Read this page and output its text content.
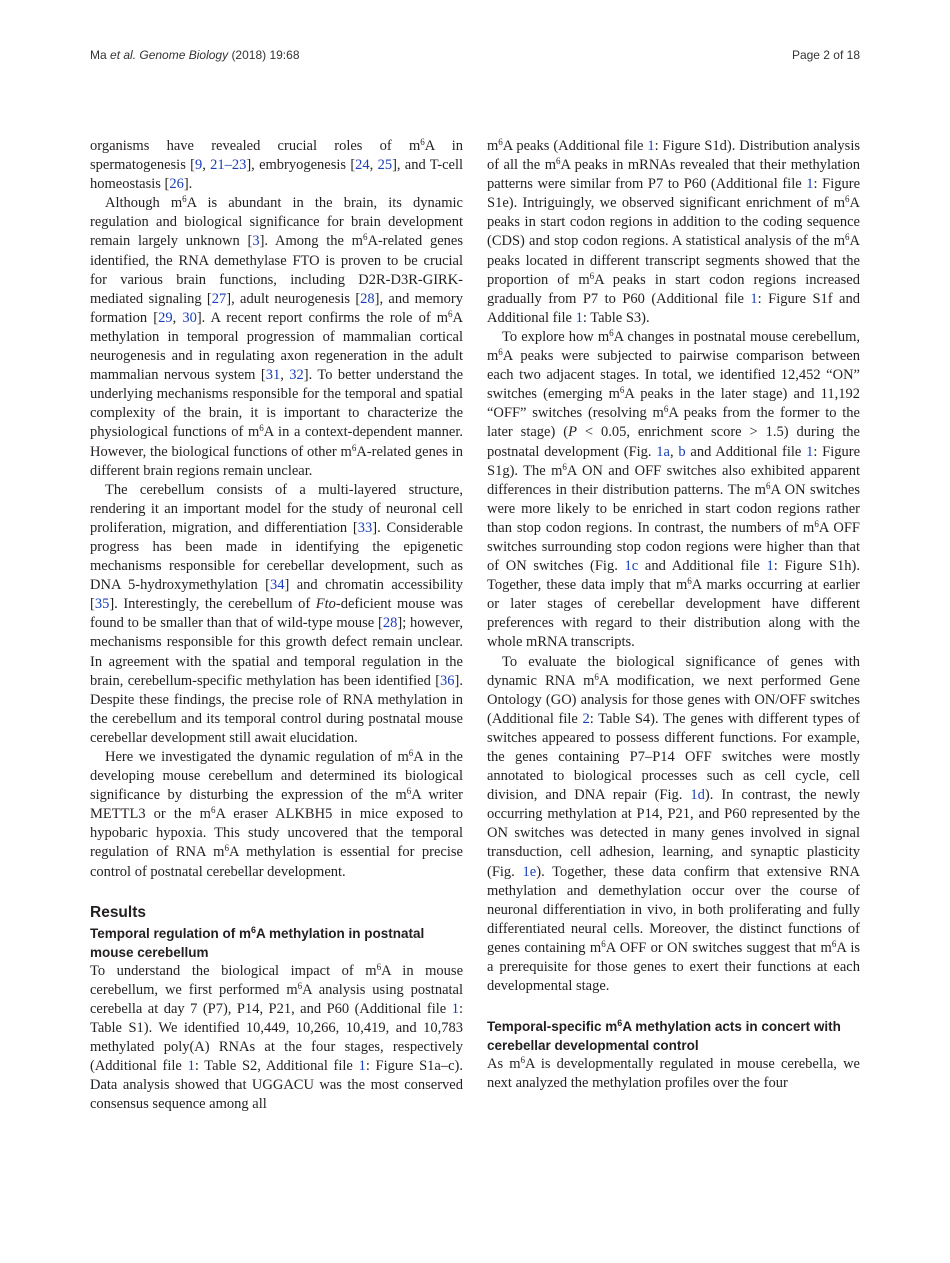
Ma et al. Genome Biology (2018) 19:68	Page 2 of 18

organisms have revealed crucial roles of $m^6A$ in spermatogenesis [9, 21–23], embryogenesis [24, 25], and T-cell homeostasis [26].

Although $m^6A$ is abundant in the brain, its dynamic regulation and biological significance for brain development remain largely unknown [3]. Among the $m^6A$-related genes identified, the RNA demethylase FTO is proven to be crucial for various brain functions, including D2R-D3R-GIRK-mediated signaling [27], adult neurogenesis [28], and memory formation [29, 30]. A recent report confirms the role of $m^6A$ methylation in temporal progression of mammalian cortical neurogenesis and in regulating axon regeneration in the adult mammalian nervous system [31, 32]. To better understand the underlying mechanisms responsible for the temporal and spatial complexity of the brain, it is important to characterize the physiological functions of $m^6A$ in a context-dependent manner. However, the biological functions of other $m^6A$-related genes in different brain regions remain unclear.

The cerebellum consists of a multi-layered structure, rendering it an important model for the study of neuronal cell proliferation, migration, and differentiation [33]. Considerable progress has been made in identifying the epigenetic mechanisms responsible for cerebellar development, such as DNA 5-hydroxymethylation [34] and chromatin accessibility [35]. Interestingly, the cerebellum of Fto-deficient mouse was found to be smaller than that of wild-type mouse [28]; however, mechanisms responsible for this growth defect remain unclear. In agreement with the spatial and temporal regulation in the brain, cerebellum-specific methylation has been identified [36]. Despite these findings, the precise role of RNA methylation in the cerebellum and its temporal control during postnatal mouse cerebellar development still await elucidation.

Here we investigated the dynamic regulation of $m^6A$ in the developing mouse cerebellum and determined its biological significance by disturbing the expression of the $m^6A$ writer METTL3 or the $m^6A$ eraser ALKBH5 in mice exposed to hypobaric hypoxia. This study uncovered that the temporal regulation of RNA $m^6A$ methylation is essential for precise control of postnatal cerebellar development.

Results
Temporal regulation of $m^6A$ methylation in postnatal mouse cerebellum

To understand the biological impact of $m^6A$ in mouse cerebellum, we first performed $m^6A$ analysis using postnatal cerebella at day 7 (P7), P14, P21, and P60 (Additional file 1: Table S1). We identified 10,449, 10,266, 10,419, and 10,783 methylated poly(A) RNAs at the four stages, respectively (Additional file 1: Table S2, Additional file 1: Figure S1a–c). Data analysis showed that UGGACU was the most conserved consensus sequence among all

$m^6A$ peaks (Additional file 1: Figure S1d). Distribution analysis of all the $m^6A$ peaks in mRNAs revealed that their methylation patterns were similar from P7 to P60 (Additional file 1: Figure S1e). Intriguingly, we observed significant enrichment of $m^6A$ peaks in start codon regions in addition to the coding sequence (CDS) and stop codon regions. A statistical analysis of the $m^6A$ peaks located in different transcript segments showed that the proportion of $m^6A$ peaks in start codon regions increased gradually from P7 to P60 (Additional file 1: Figure S1f and Additional file 1: Table S3).

To explore how $m^6A$ changes in postnatal mouse cerebellum, $m^6A$ peaks were subjected to pairwise comparison between each two adjacent stages. In total, we identified 12,452 “ON” switches (emerging $m^6A$ peaks in the later stage) and 11,192 “OFF” switches (resolving $m^6A$ peaks from the former to the later stage) (P < 0.05, enrichment score > 1.5) during the postnatal development (Fig. 1a, b and Additional file 1: Figure S1g). The $m^6A$ ON and OFF switches also exhibited apparent differences in their distribution patterns. The $m^6A$ ON switches were more likely to be enriched in start codon regions rather than stop codon regions. In contrast, the numbers of $m^6A$ OFF switches surrounding stop codon regions were higher than that of ON switches (Fig. 1c and Additional file 1: Figure S1h). Together, these data imply that $m^6A$ marks occurring at earlier or later stages of cerebellar development have different preferences with regard to their distribution along with the whole mRNA transcripts.

To evaluate the biological significance of genes with dynamic RNA $m^6A$ modification, we next performed Gene Ontology (GO) analysis for those genes with ON/OFF switches (Additional file 2: Table S4). The genes with different types of switches appeared to possess different functions. For example, the genes containing P7–P14 OFF switches were mostly annotated to biological processes such as cell cycle, cell division, and DNA repair (Fig. 1d). In contrast, the newly occurring methylation at P14, P21, and P60 represented by the ON switches was detected in many genes involved in signal transduction, cell adhesion, learning, and synaptic plasticity (Fig. 1e). Together, these data confirm that extensive RNA methylation and demethylation occur over the course of neuronal differentiation in vivo, in both proliferating and fully differentiated neural cells. Moreover, the distinct functions of genes containing $m^6A$ OFF or ON switches suggest that $m^6A$ is a prerequisite for those genes to exert their functions at each developmental stage.

Temporal-specific $m^6A$ methylation acts in concert with cerebellar developmental control

As $m^6A$ is developmentally regulated in mouse cerebella, we next analyzed the methylation profiles over the four
